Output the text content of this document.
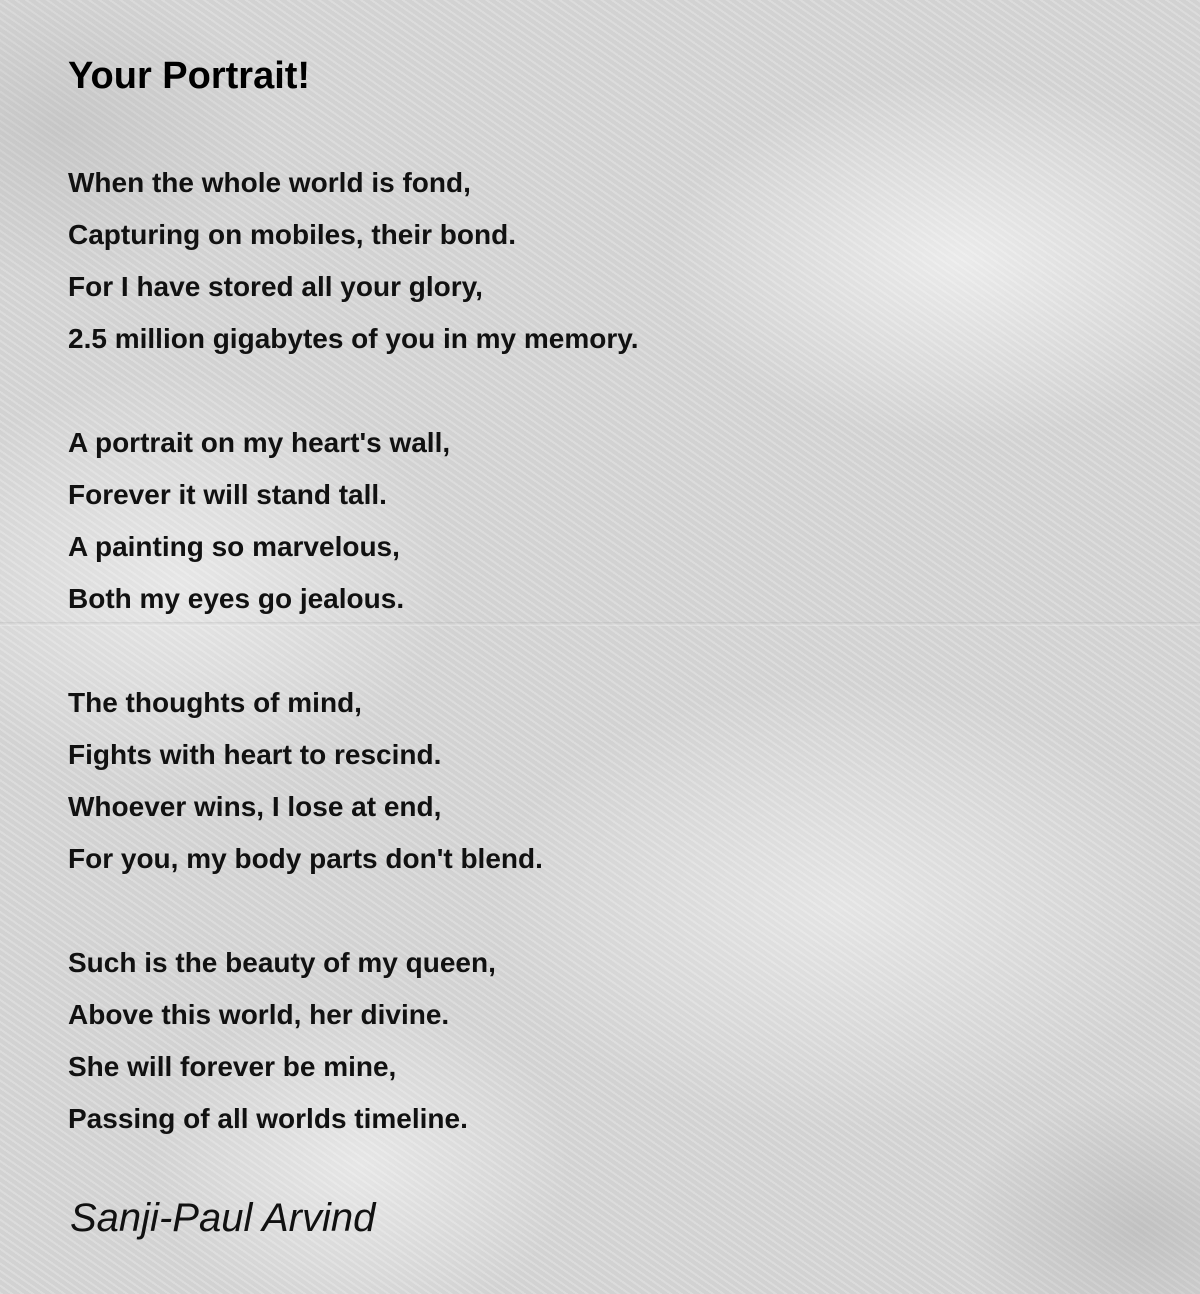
Your Portrait!
When the whole world is fond,
Capturing on mobiles, their bond.
For I have stored all your glory,
2.5 million gigabytes of you in my memory.
A portrait on my heart's wall,
Forever it will stand tall.
A painting so marvelous,
Both my eyes go jealous.
The thoughts of mind,
Fights with heart to rescind.
Whoever wins, I lose at end,
For you, my body parts don't blend.
Such is the beauty of my queen,
Above this world, her divine.
She will forever be mine,
Passing of all worlds timeline.
Sanji-Paul Arvind
